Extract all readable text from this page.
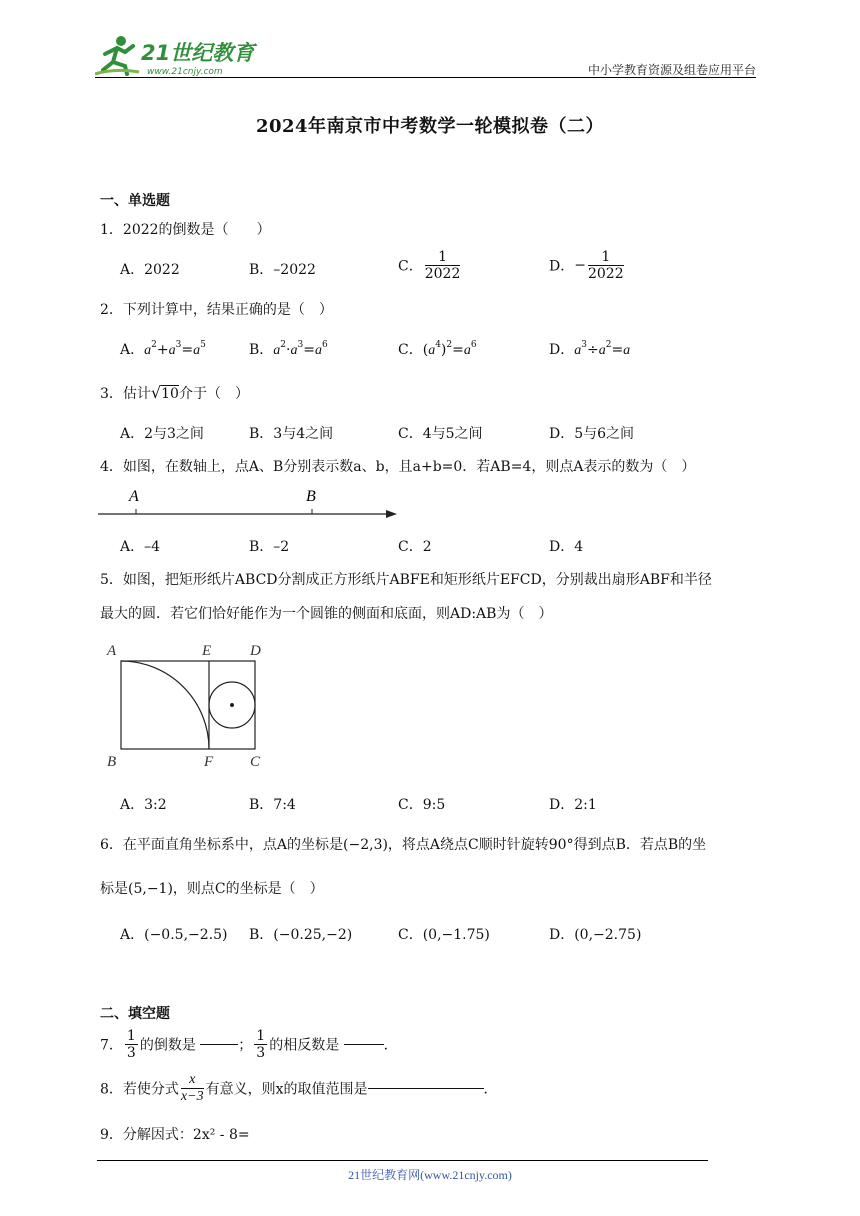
21世纪教育
www.21cnjy.com	中小学教育资源及组卷应用平台
2024年南京市中考数学一轮模拟卷（二）
一、单选题
1．2022的倒数是（　　）
A．2022	B．–2022	C． $\frac{1}{2022}$	D．− $\frac{1}{2022}$
2．下列计算中，结果正确的是（　）
A．$a^2+a^3=a^5$	B．$a^2\cdot a^3=a^6$	C．$(a^4)^2=a^6$	D．$a^3\div a^2=a$
3．估计√10介于（　）
A．2与3之间	B．3与4之间	C．4与5之间	D．5与6之间
4．如图，在数轴上，点A、B分别表示数a、b，且a+b=0．若AB=4，则点A表示的数为（　）
A	B
A．–4	B．–2	C．2	D．4
5．如图，把矩形纸片ABCD分割成正方形纸片ABFE和矩形纸片EFCD，分别裁出扇形ABF和半径
最大的圆．若它们恰好能作为一个圆锥的侧面和底面，则AD:AB为（　）
A	E	D
B	F C
A．3:2	B．7:4	C．9:5	D．2:1
6．在平面直角坐标系中，点A的坐标是(−2,3)，将点A绕点C顺时针旋转90°得到点B．若点B的坐
标是(5,−1)，则点C的坐标是（　）
A．(−0.5,−2.5) B．(−0.25,−2)	C．(0,−1.75)	D．(0,−2.75)
二、填空题
7． $\frac{1}{3}$ 的倒数是	； $\frac{1}{3}$ 的相反数是	．
8．若使分式 $\frac{x}{x-3}$ 有意义，则x的取值范围是	．
9．分解因式：2x² ‑ 8=
21世纪教育网(www.21cnjy.com)
